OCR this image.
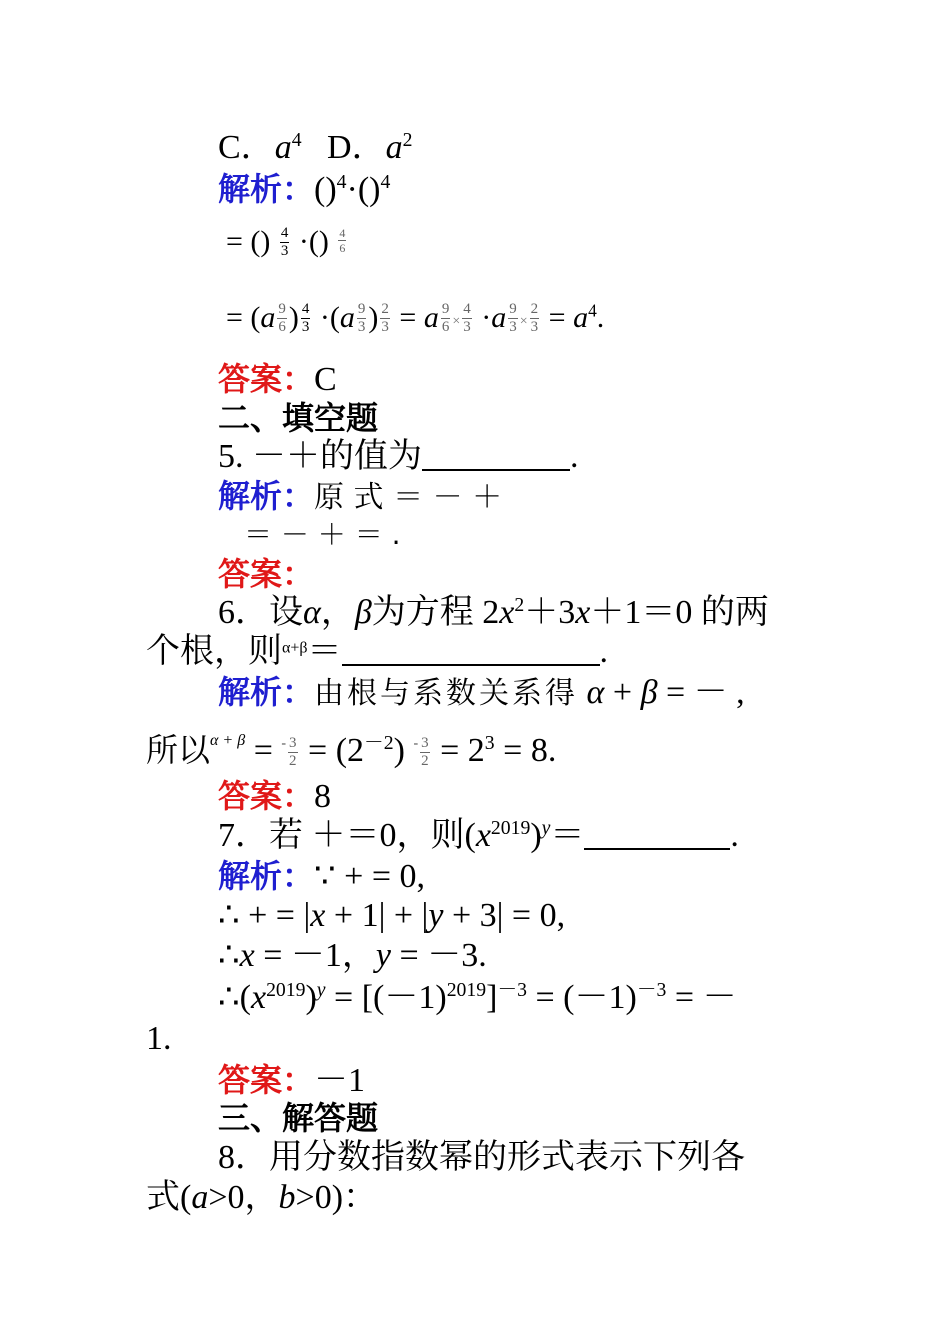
C．$a^4$ D．$a^2$
解析：()$^4$·()$^4$
= () $\frac{4}{3}$ ·() $\frac{4}{6}$
= ($a \frac{9}{6}$ ) $\frac{4}{3} \cdot(a \frac{9}{3}$ ) $\frac{2}{3} = a \frac{9}{6} \times \frac{4}{3} \cdot a \frac{9}{3} \times \frac{2}{3} = a^4$.
答案：C
二、填空题
5. －＋的值为	.
解析：原 式 ＝ － ＋
＝ － ＋ ＝ .
答案：
6．设α，β为方程 $2x^2+3x+1=0$ 的两
个根，则$^{\alpha+\beta}$＝	.
解析：由根与系数关系得 α + β = － ,
所以$^{\alpha + \beta} = ^- \frac{3}{2} = (2^{-2})$ $^- \frac{3}{2} = 2^3 = 8$.
答案：8
7．若 ＋＝0，则$(x^{2019})^y=$	.
解析：∵ + = 0,
∴ + = |x + 1| + |y + 3| = 0,
∴x = －1，y = －3.
$\therefore(x^{2019})^y = [(-1)^{2019}]^{-3} = (-1)^{-3}$ = －
1.
答案：－1
三、解答题
8．用分数指数幂的形式表示下列各
式(a>0，b>0)：
